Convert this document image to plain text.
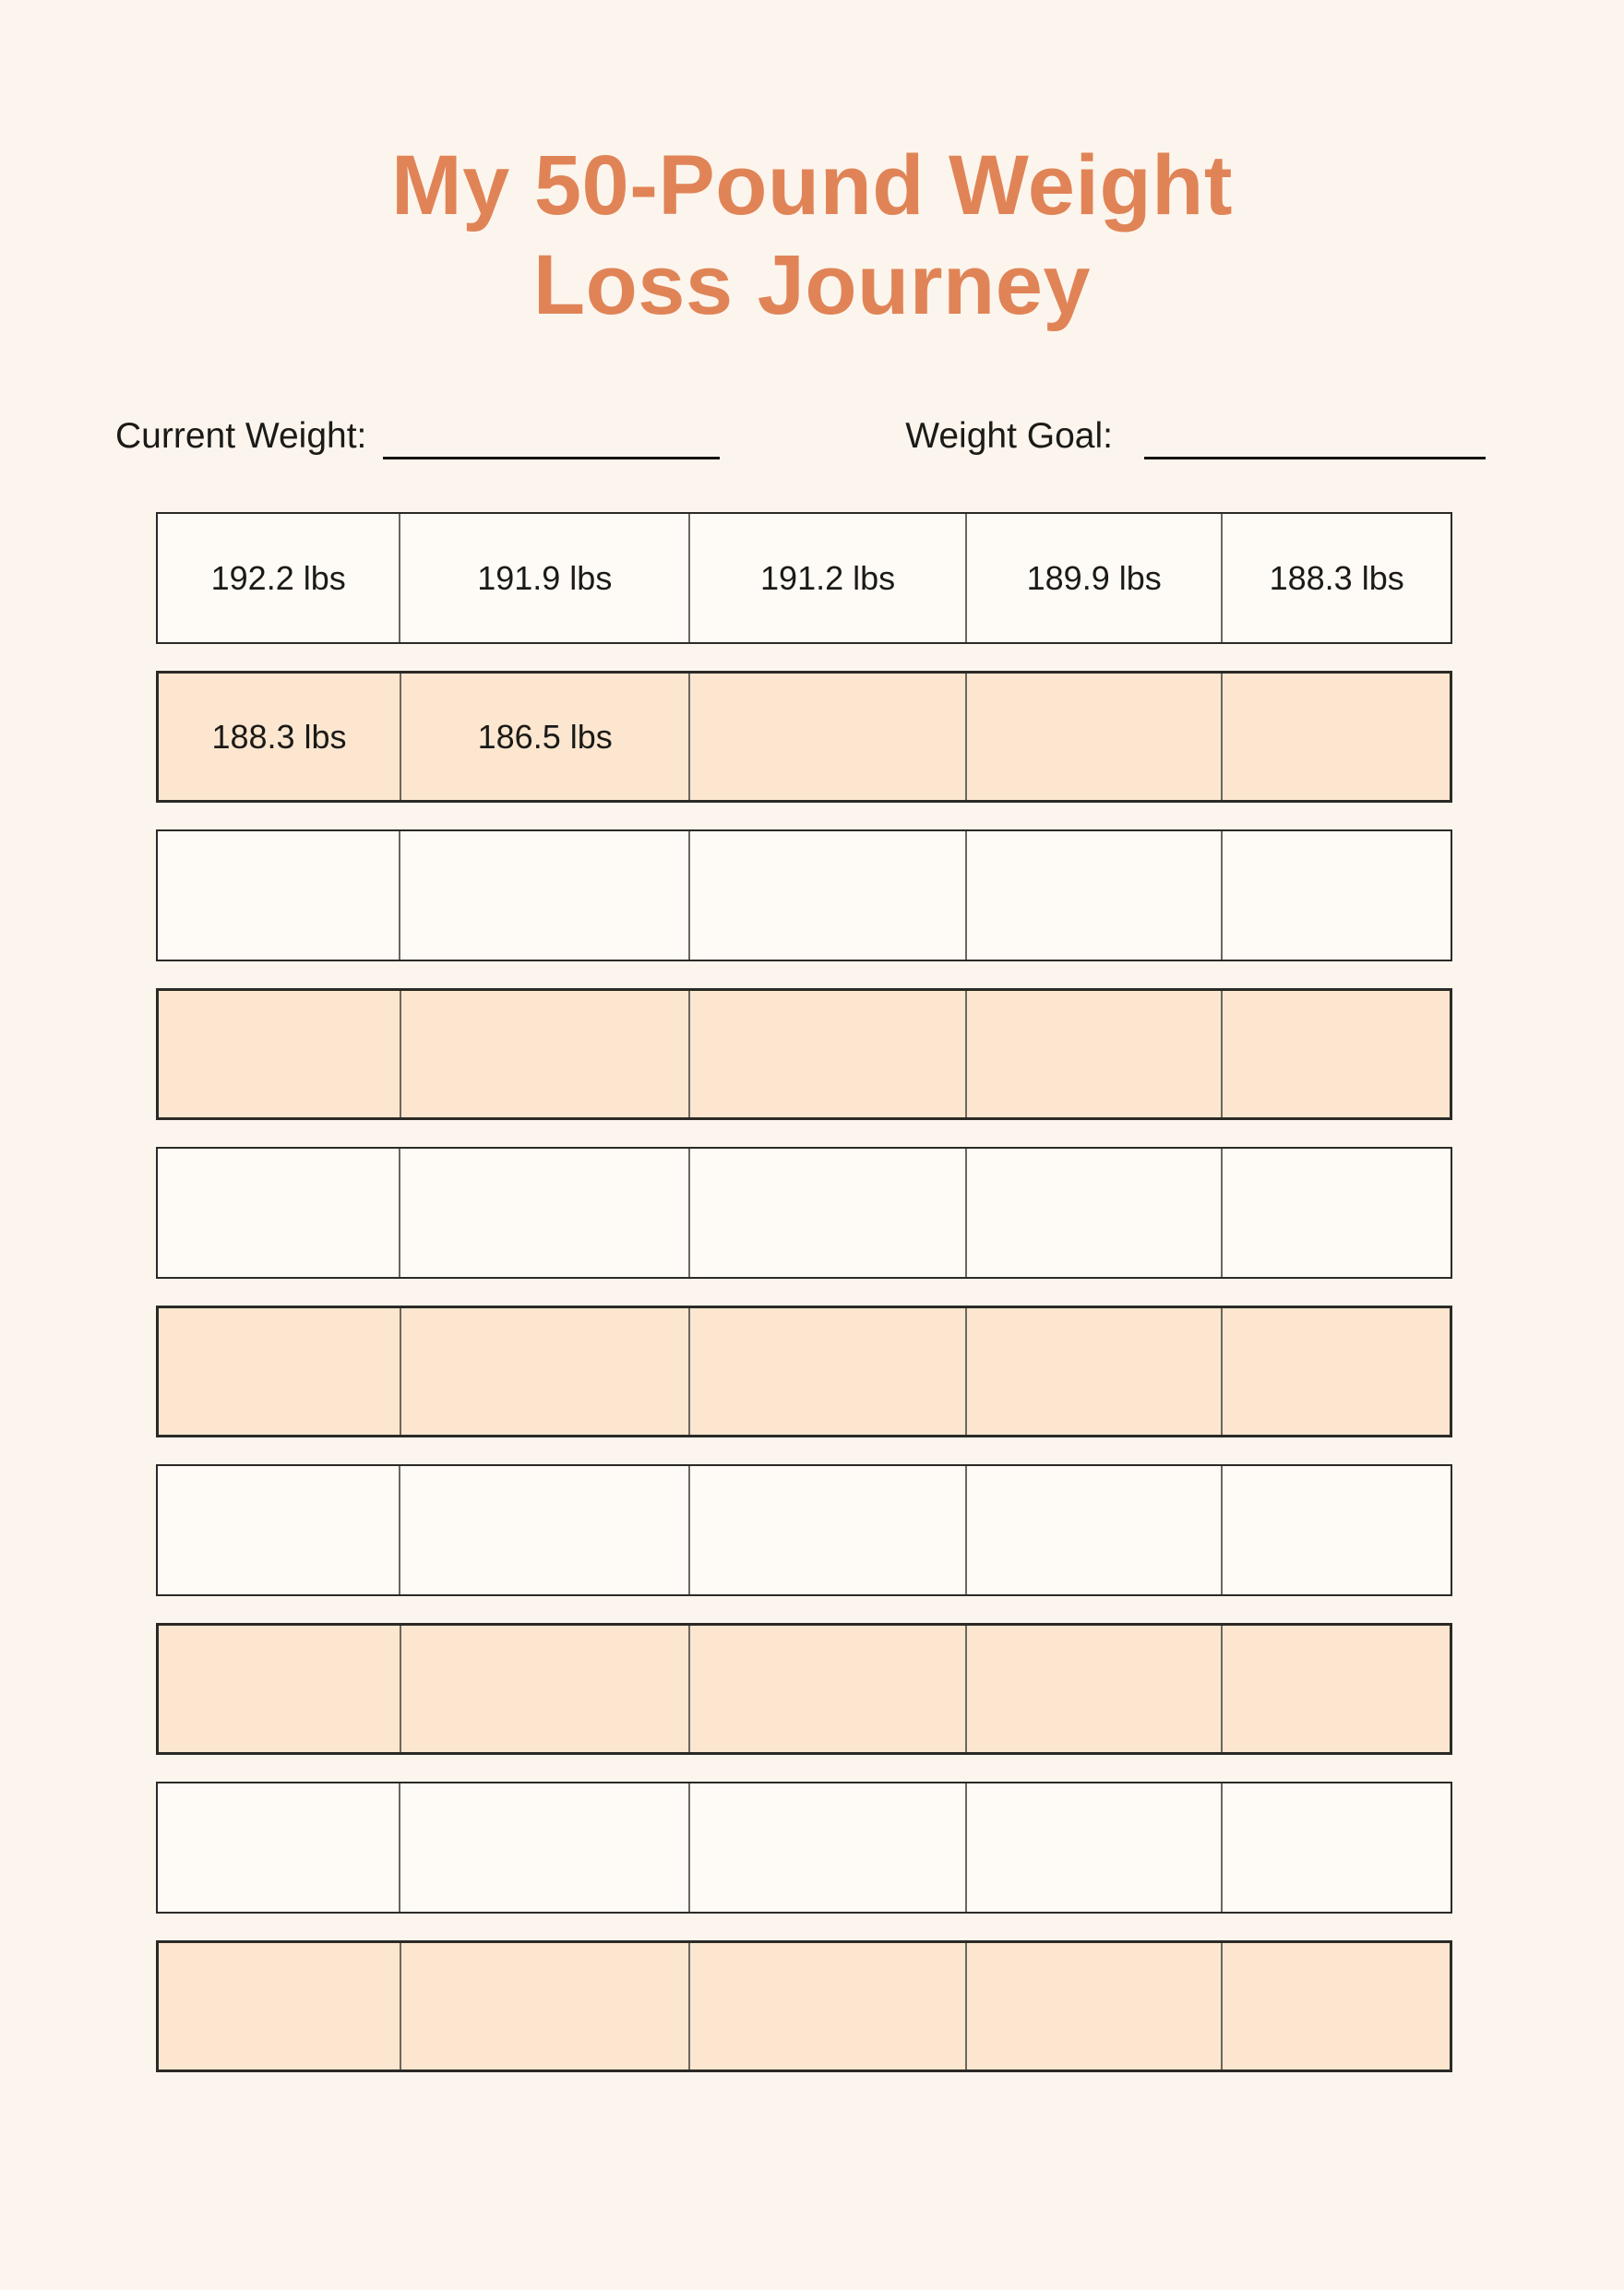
My 50-Pound Weight
Loss Journey
Current Weight:	Weight Goal:
192.2 lbs	191.9 lbs	191.2 lbs	189.9 lbs	188.3 lbs
188.3 lbs	186.5 lbs
